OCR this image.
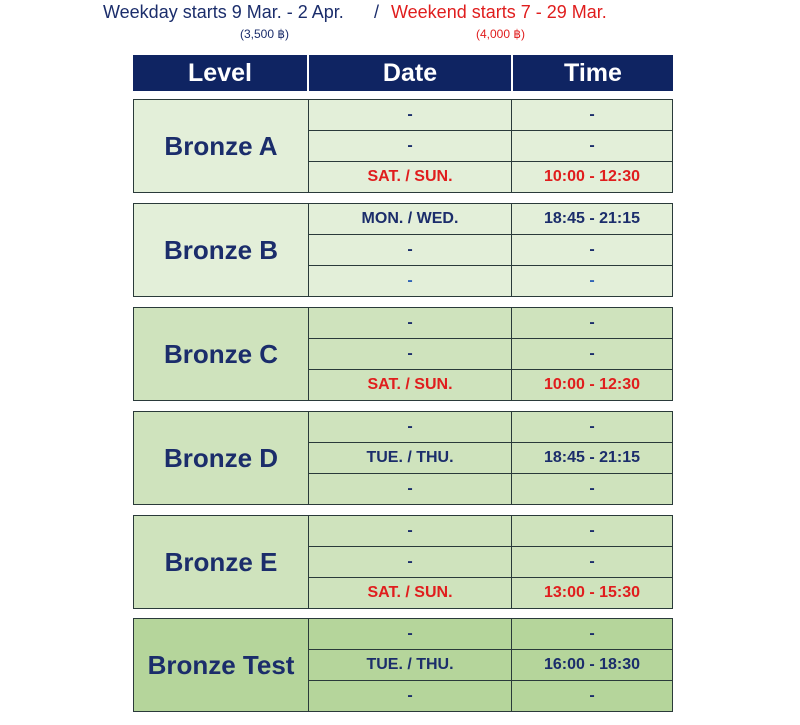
Weekday starts 9 Mar. - 2 Apr. / Weekend starts 7 - 29 Mar.
(3,500 ฿)	(4,000 ฿)
Level	Date	Time
Bronze A
-	-
-	-
SAT. / SUN.	10:00 - 12:30
Bronze B
MON. / WED.	18:45 - 21:15
-	-
-	-
Bronze C
-	-
-	-
SAT. / SUN.	10:00 - 12:30
Bronze D
-	-
TUE. / THU.	18:45 - 21:15
-	-
Bronze E
-	-
-	-
SAT. / SUN.	13:00 - 15:30
Bronze Test
-	-
TUE. / THU.	16:00 - 18:30
-	-
